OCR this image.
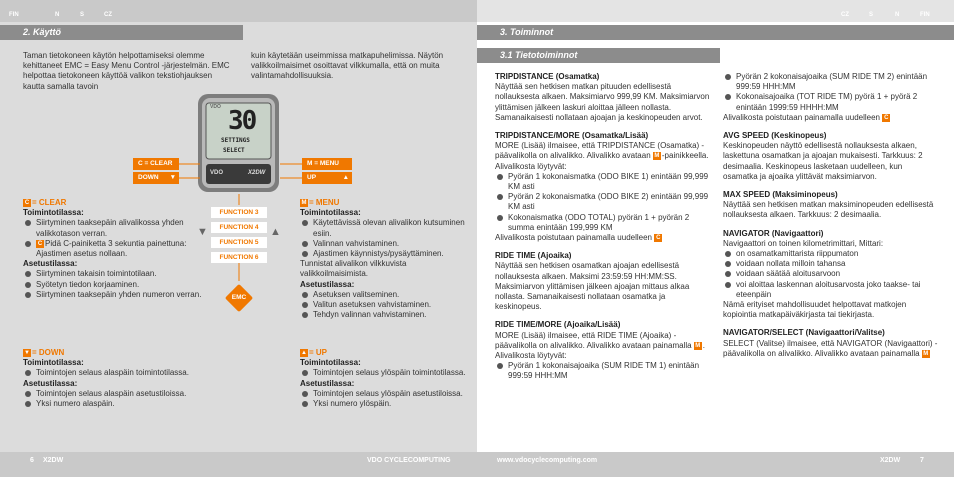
FIN	N	S	CZ	CZ	S	N	FIN
2. Käyttö
Taman tietokoneen käytön helpottamiseksi olemme kehittaneet EMC = Easy Menu Control -järjestelmän. EMC helpottaa tietokoneen käyttöä valikon tekstiohjauksen kautta samalla tavoin
kuin käytetään useimmissa matkapuhelimissa. Näytön valikkoilmaisimet osoittavat vilkkumalla, että on muita valintamahdollisuuksia.
VDO 30
SETTINGS
SELECT
VDO	X2DW
C = CLEAR
DOWN ▼
M = MENU
UP	▲
FUNCTION 3
FUNCTION 4
FUNCTION 5
FUNCTION 6
▼	▲
EMC
C = CLEAR
Toimintotilassa:
Siirtyminen taaksepäin alivalikossa yhden valikkotason verran.
C Pidä C-painiketta 3 sekuntia painettuna:
Ajastimen asetus nollaan.
Asetustilassa:
Siirtyminen takaisin toimintotilaan.
Syötetyn tiedon korjaaminen.
Siirtyminen taaksepäin yhden numeron verran.
▼ = DOWN
Toimintotilassa:
Toimintojen selaus alaspäin toimintotilassa.
Asetustilassa:
Toimintojen selaus alaspäin asetustiloissa.
Yksi numero alaspäin.
M = MENU
Toimintotilassa:
Käytettävissä olevan alivalikon kutsuminen esiin.
Valinnan vahvistaminen.
Ajastimen käynnistys/pysäyttäminen.
Tunnistat alivalikon vilkkuvista valikkoilmaisimista.
Asetustilassa:
Asetuksen valitseminen.
Valitun asetuksen vahvistaminen.
Tehdyn valinnan vahvistaminen.
▲ = UP
Toimintotilassa:
Toimintojen selaus ylöspäin toimintotilassa.
Asetustilassa:
Toimintojen selaus ylöspäin asetustiloissa.
Yksi numero ylöspäin.
6 X2DW	VDO CYCLECOMPUTING
3. Toiminnot
3.1 Tietotoiminnot
TRIPDISTANCE (Osamatka)
Näyttää sen hetkisen matkan pituuden edellisestä nollauksesta alkaen. Maksimiarvo 999,99 KM. Maksimiarvon ylittämisen jälkeen laskuri aloittaa jälleen nollasta. Samanaikaisesti nollataan ajoajan ja keskinopeuden arvot.
TRIPDISTANCE/MORE (Osamatka/Lisää)
MORE (Lisää) ilmaisee, että TRIPDISTANCE (Osamatka) -päävalikolla on alivalikko. Alivalikko avataan M -painikkeella. Alivalikosta löytyvät:
Pyörän 1 kokonaismatka (ODO BIKE 1) enintään 99,999 KM asti
Pyörän 2 kokonaismatka (ODO BIKE 2) enintään 99,999 KM asti
Kokonaismatka (ODO TOTAL) pyörän 1 + pyörän 2 summa enintään 199,999 KM
Alivalikosta poistutaan painamalla uudelleen C
RIDE TIME (Ajoaika)
Näyttää sen hetkisen osamatkan ajoajan edellisestä nollauksesta alkaen. Maksimi 23:59:59 HH:MM:SS. Maksimiarvon ylittämisen jälkeen ajoajan mittaus alkaa nollasta. Samanaikaisesti nollataan osamatka ja keskinopeus.
RIDE TIME/MORE (Ajoaika/Lisää)
MORE (Lisää) ilmaisee, että RIDE TIME (Ajoaika) -päävalikolla on alivalikko. Alivalikko avataan painamalla M . Alivalikosta löytyvät:
Pyörän 1 kokonaisajoaika (SUM RIDE TM 1) enintään 999:59 HHH:MM
Pyörän 2 kokonaisajoaika (SUM RIDE TM 2) enintään 999:59 HHH:MM
Kokonaisajoaika (TOT RIDE TM) pyörä 1 + pyörä 2 enintään 1999:59 HHHH:MM
Alivalikosta poistutaan painamalla uudelleen C
AVG SPEED (Keskinopeus)
Keskinopeuden näyttö edellisestä nollauksesta alkaen, laskettuna osamatkan ja ajoajan mukaisesti. Tarkkuus: 2 desimaalia. Keskinopeus lasketaan uudelleen, kun osamatka ja ajoaika ylittävät maksimiarvon.
MAX SPEED (Maksiminopeus)
Näyttää sen hetkisen matkan maksiminopeuden edellisestä nollauksesta alkaen. Tarkkuus: 2 desimaalia.
NAVIGATOR (Navigaattori)
Navigaattori on toinen kilometrimittari, Mittari:
on osamatkamittarista riippumaton
voidaan nollata milloin tahansa
voidaan säätää aloitusarvoon
voi aloittaa laskennan aloitusarvosta joko taakse- tai eteenpäin
Nämä erityiset mahdollisuudet helpottavat matkojen kopiointia matkapäiväkirjasta tai tiekirjasta.
NAVIGATOR/SELECT (Navigaattori/Valitse)
SELECT (Valitse) ilmaisee, että NAVIGATOR (Navigaattori) -päävalikolla on alivalikko. Alivalikko avataan painamalla M
www.vdocyclecomputing.com	X2DW	7
